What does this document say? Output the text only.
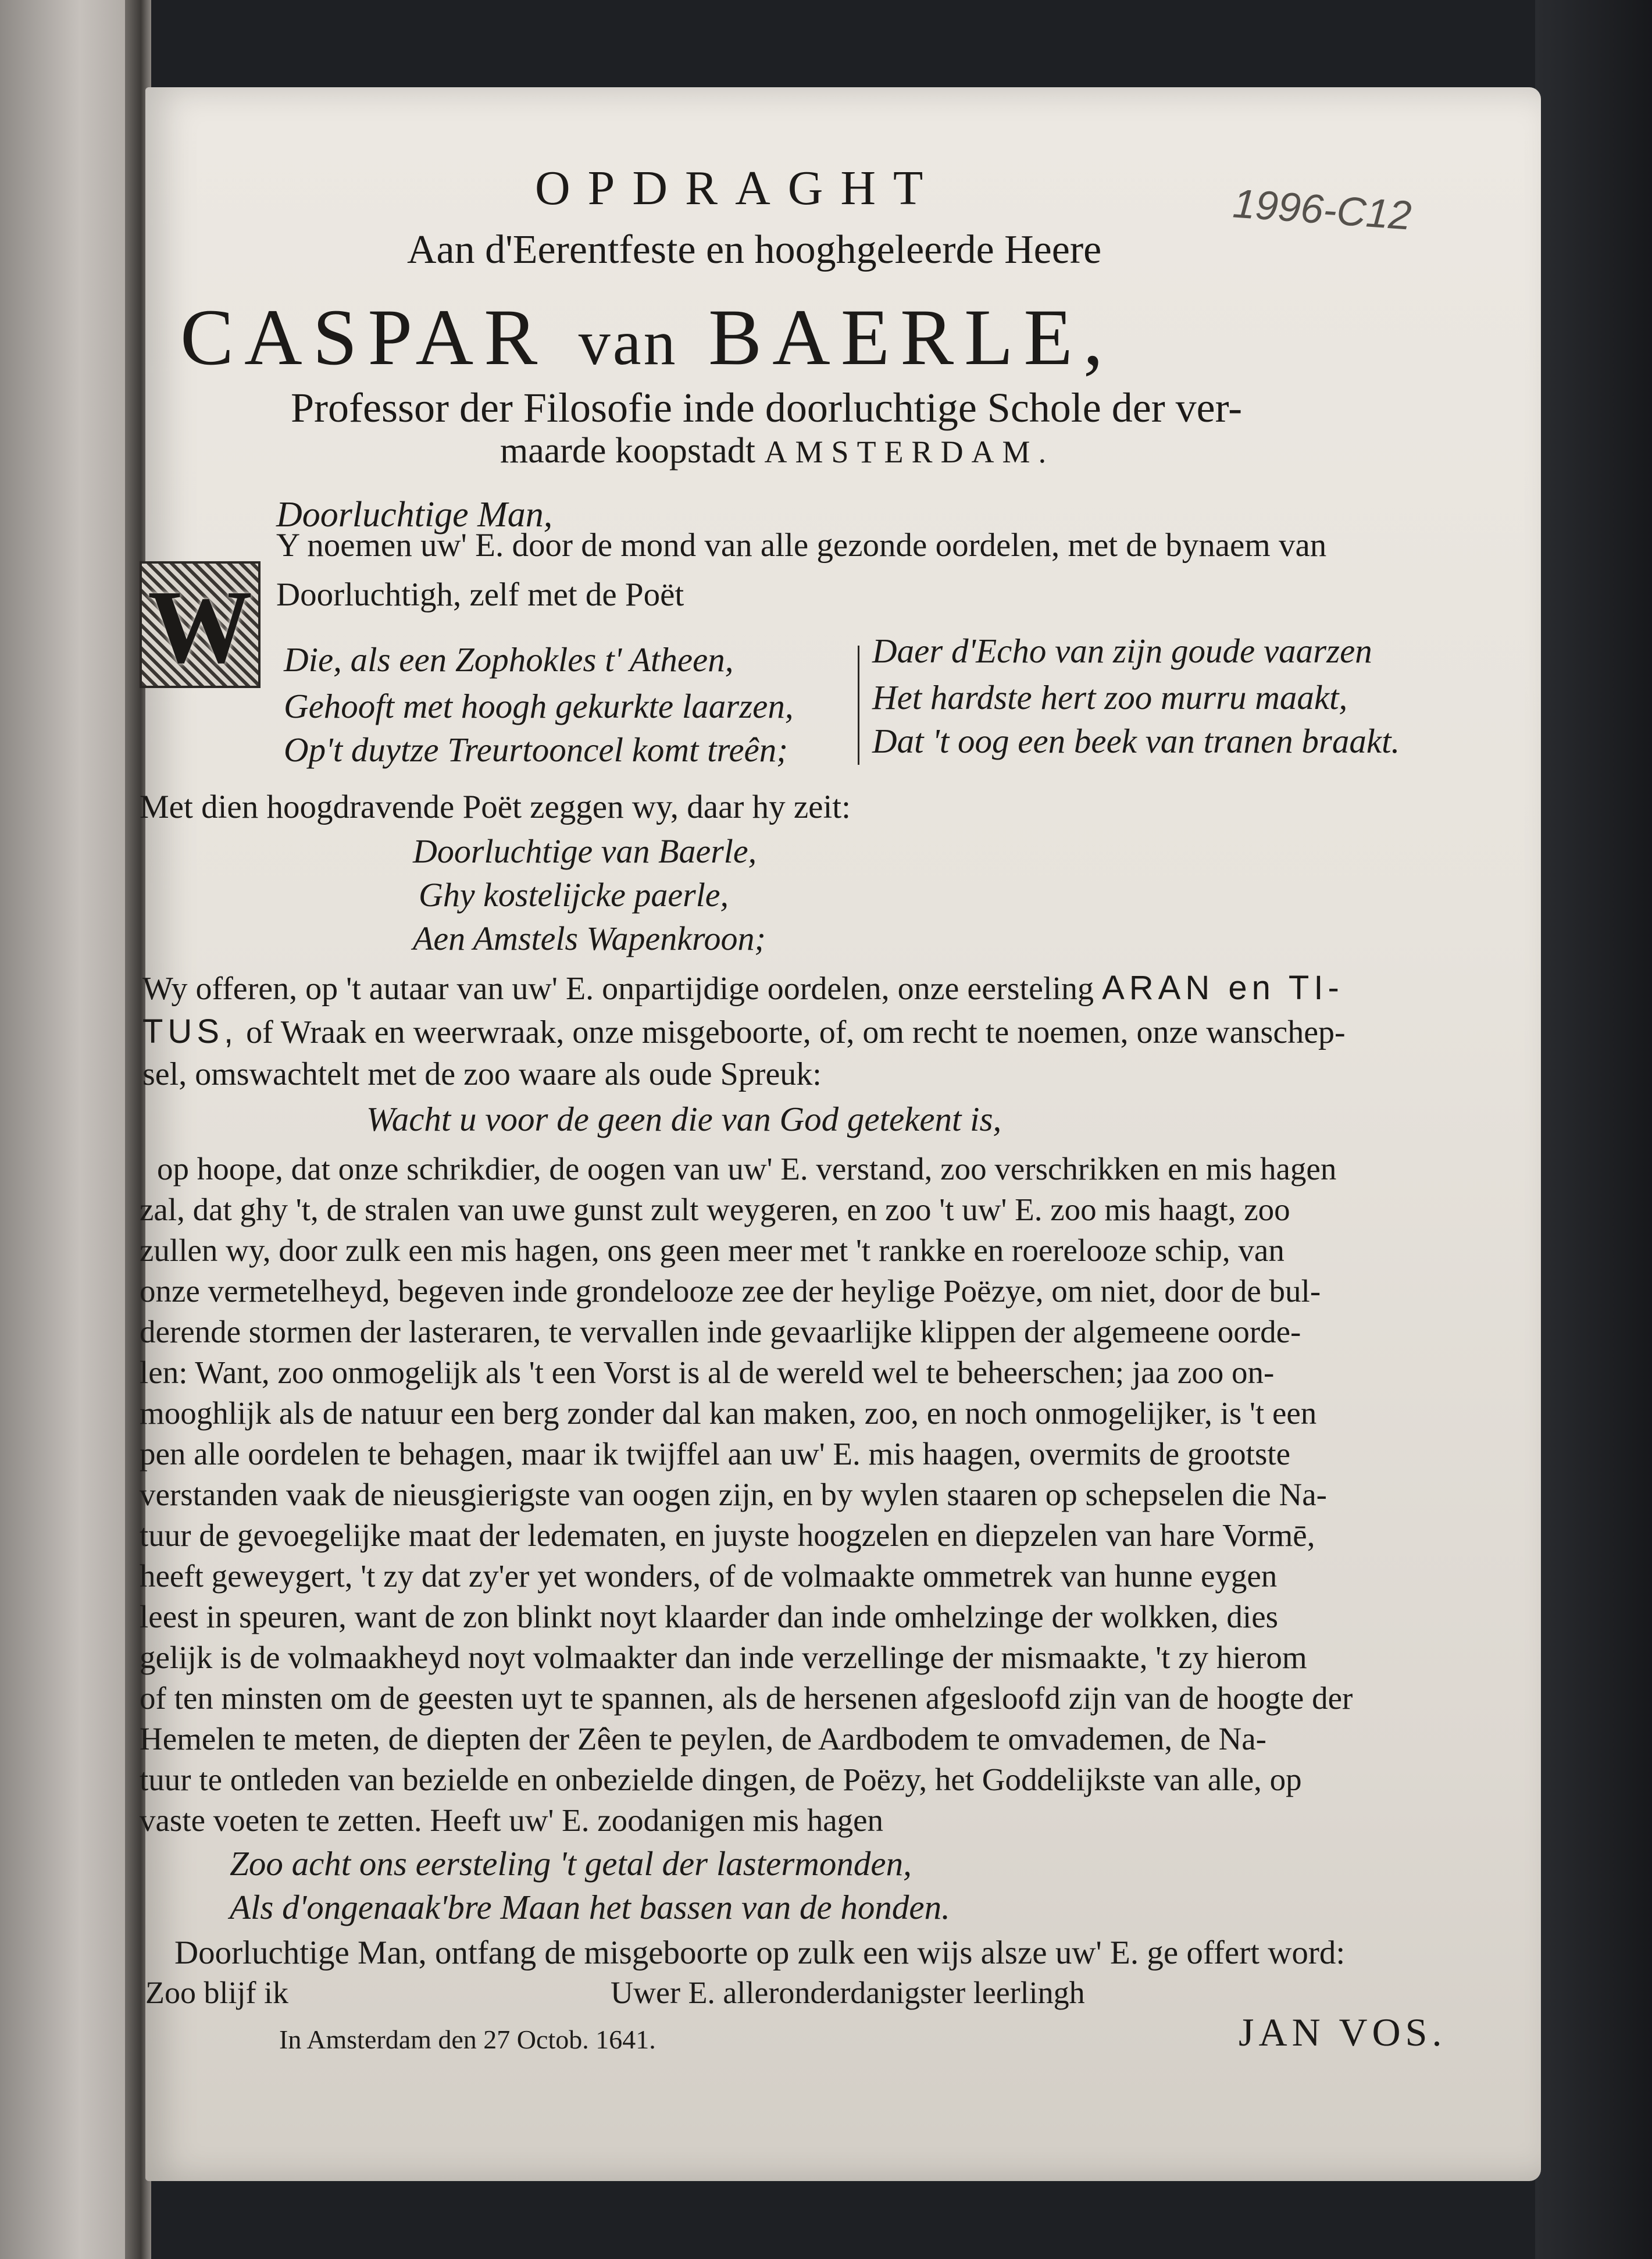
OPDRAGHT
Aan d'Eerentfeste en hooghgeleerde Heere
CASPAR van BAERLE,
Professor der Filosofie inde doorluchtige Schole der ver-
maarde koopstadt AMSTERDAM.
1996-C12
Doorluchtige Man,
W
Y noemen uw' E. door de mond van alle gezonde oordelen, met de bynaem van
Doorluchtigh, zelf met de Poët
Die, als een Zophokles t' Atheen,
Gehooft met hoogh gekurkte laarzen,
Op't duytze Treurtooncel komt treên;
Daer d'Echo van zijn goude vaarzen
Het hardste hert zoo murru maakt,
Dat 't oog een beek van tranen braakt.
Met dien hoogdravende Poët zeggen wy, daar hy zeit:
Doorluchtige van Baerle,
Ghy kostelijcke paerle,
Aen Amstels Wapenkroon;
Wy offeren, op 't autaar van uw' E. onpartijdige oordelen, onze eersteling ARAN en TI-
TUS, of Wraak en weerwraak, onze misgeboorte, of, om recht te noemen, onze wanschep-
sel, omswachtelt met de zoo waare als oude Spreuk:
Wacht u voor de geen die van God getekent is,
op hoope, dat onze schrikdier, de oogen van uw' E. verstand, zoo verschrikken en mis hagen
zal, dat ghy 't, de stralen van uwe gunst zult weygeren, en zoo 't uw' E. zoo mis haagt, zoo
zullen wy, door zulk een mis hagen, ons geen meer met 't rankke en roerelooze schip, van
onze vermetelheyd, begeven inde grondelooze zee der heylige Poëzye, om niet, door de bul-
derende stormen der lasteraren, te vervallen inde gevaarlijke klippen der algemeene oorde-
len: Want, zoo onmogelijk als 't een Vorst is al de wereld wel te beheerschen; jaa zoo on-
mooghlijk als de natuur een berg zonder dal kan maken, zoo, en noch onmogelijker, is 't een
pen alle oordelen te behagen, maar ik twijffel aan uw' E. mis haagen, overmits de grootste
verstanden vaak de nieusgierigste van oogen zijn, en by wylen staaren op schepselen die Na-
tuur de gevoegelijke maat der ledematen, en juyste hoogzelen en diepzelen van hare Vormē,
heeft geweygert, 't zy dat zy'er yet wonders, of de volmaakte ommetrek van hunne eygen
leest in speuren, want de zon blinkt noyt klaarder dan inde omhelzinge der wolkken, dies
gelijk is de volmaakheyd noyt volmaakter dan inde verzellinge der mismaakte, 't zy hierom
of ten minsten om de geesten uyt te spannen, als de hersenen afgesloofd zijn van de hoogte der
Hemelen te meten, de diepten der Zêen te peylen, de Aardbodem te omvademen, de Na-
tuur te ontleden van bezielde en onbezielde dingen, de Poëzy, het Goddelijkste van alle, op
vaste voeten te zetten. Heeft uw' E. zoodanigen mis hagen
Zoo acht ons eersteling 't getal der lastermonden,
Als d'ongenaak'bre Maan het bassen van de honden.
Doorluchtige Man, ontfang de misgeboorte op zulk een wijs alsze uw' E. ge offert word:
Zoo blijf ik	Uwer E. alleronderdanigster leerlingh
JAN VOS.
In Amsterdam den 27 Octob. 1641.
